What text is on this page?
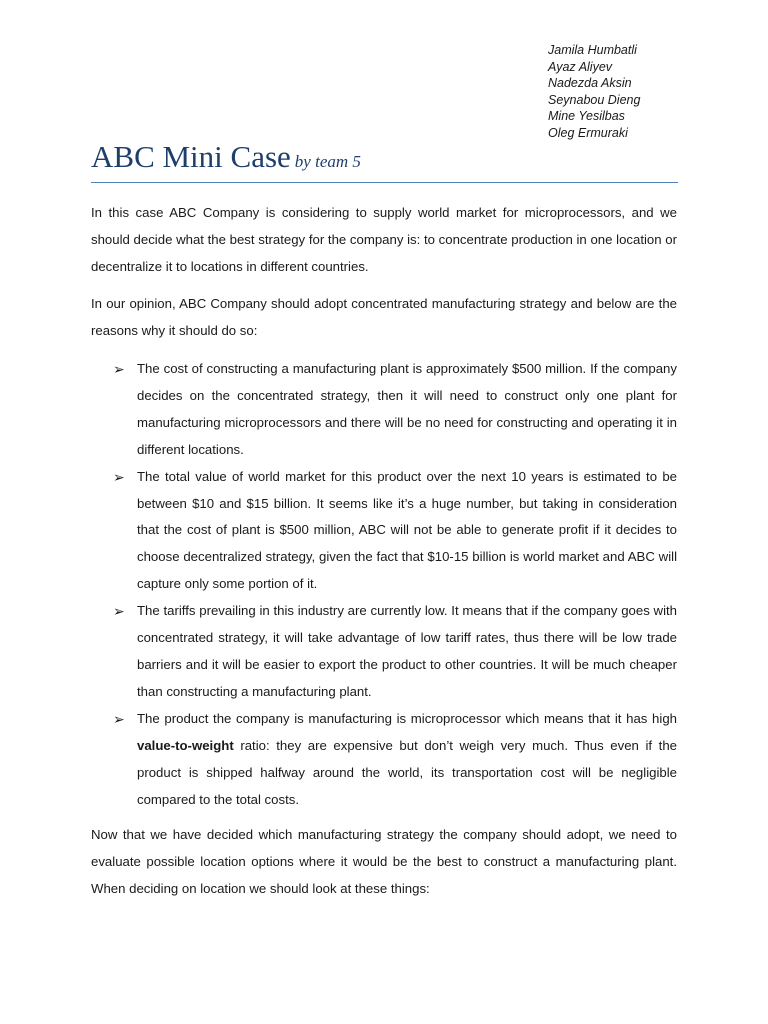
Jamila Humbatli
Ayaz Aliyev
Nadezda Aksin
Seynabou Dieng
Mine Yesilbas
Oleg Ermuraki
ABC Mini Case by team 5

In this case ABC Company is considering to supply world market for microprocessors, and we should decide what the best strategy for the company is: to concentrate production in one location or decentralize it to locations in different countries.

In our opinion, ABC Company should adopt concentrated manufacturing strategy and below are the reasons why it should do so:

➢ The cost of constructing a manufacturing plant is approximately $500 million. If the company decides on the concentrated strategy, then it will need to construct only one plant for manufacturing microprocessors and there will be no need for constructing and operating it in different locations.
➢ The total value of world market for this product over the next 10 years is estimated to be between $10 and $15 billion. It seems like it’s a huge number, but taking in consideration that the cost of plant is $500 million, ABC will not be able to generate profit if it decides to choose decentralized strategy, given the fact that $10-15 billion is world market and ABC will capture only some portion of it.
➢ The tariffs prevailing in this industry are currently low. It means that if the company goes with concentrated strategy, it will take advantage of low tariff rates, thus there will be low trade barriers and it will be easier to export the product to other countries. It will be much cheaper than constructing a manufacturing plant.
➢ The product the company is manufacturing is microprocessor which means that it has high value-to-weight ratio: they are expensive but don’t weigh very much. Thus even if the product is shipped halfway around the world, its transportation cost will be negligible compared to the total costs.

Now that we have decided which manufacturing strategy the company should adopt, we need to evaluate possible location options where it would be the best to construct a manufacturing plant. When deciding on location we should look at these things:
